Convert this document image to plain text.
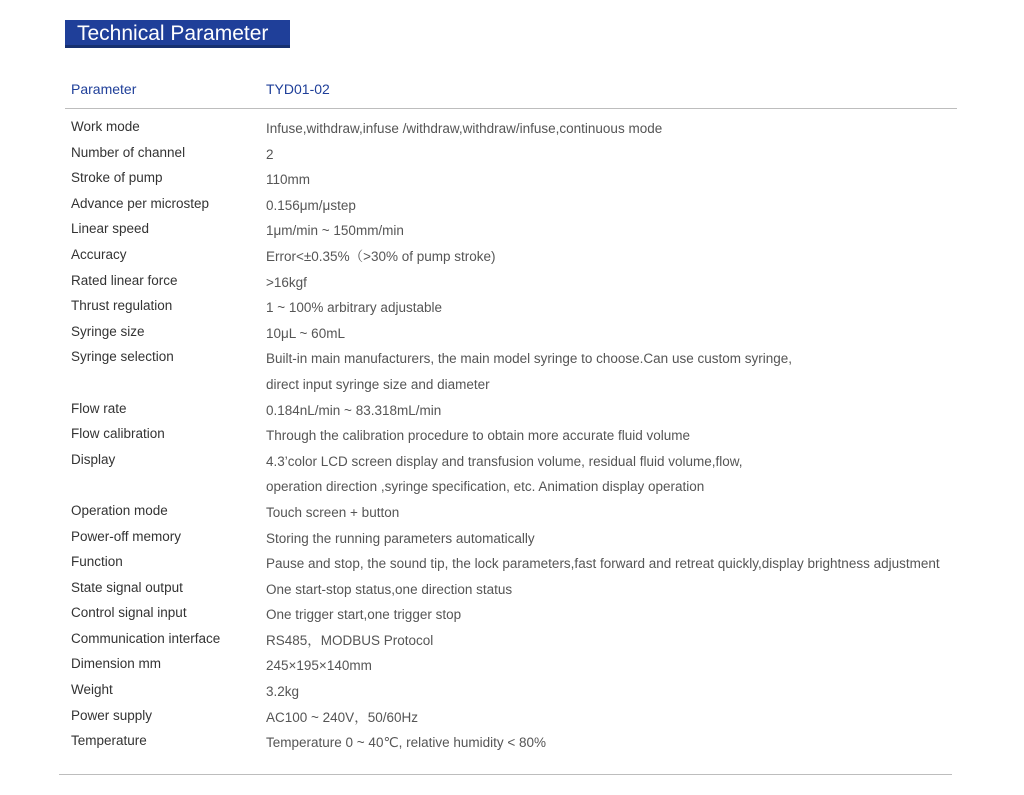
Technical Parameter
Parameter	TYD01-02
Work mode	Infuse,withdraw,infuse /withdraw,withdraw/infuse,continuous mode
Number of channel	2
Stroke of pump	110mm
Advance per microstep	0.156μm/μstep
Linear speed	1μm/min ~ 150mm/min
Accuracy	Error<±0.35%（>30% of pump stroke)
Rated linear force	>16kgf
Thrust regulation	1 ~ 100% arbitrary adjustable
Syringe size	10μL ~ 60mL
Syringe selection	Built-in main manufacturers, the main model syringe to choose.Can use custom syringe,
direct input syringe size and diameter
Flow rate	0.184nL/min ~ 83.318mL/min
Flow calibration	Through the calibration procedure to obtain more accurate fluid volume
Display	4.3’color LCD screen display and transfusion volume, residual fluid volume,flow,
operation direction ,syringe specification, etc. Animation display operation
Operation mode	Touch screen + button
Power-off memory	Storing the running parameters automatically
Function	Pause and stop, the sound tip, the lock parameters,fast forward and retreat quickly,display brightness adjustment
State signal output	One start-stop status,one direction status
Control signal input	One trigger start,one trigger stop
Communication interface	RS485，MODBUS Protocol
Dimension mm	245×195×140mm
Weight	3.2kg
Power supply	AC100 ~ 240V，50/60Hz
Temperature	Temperature 0 ~ 40℃, relative humidity < 80%
